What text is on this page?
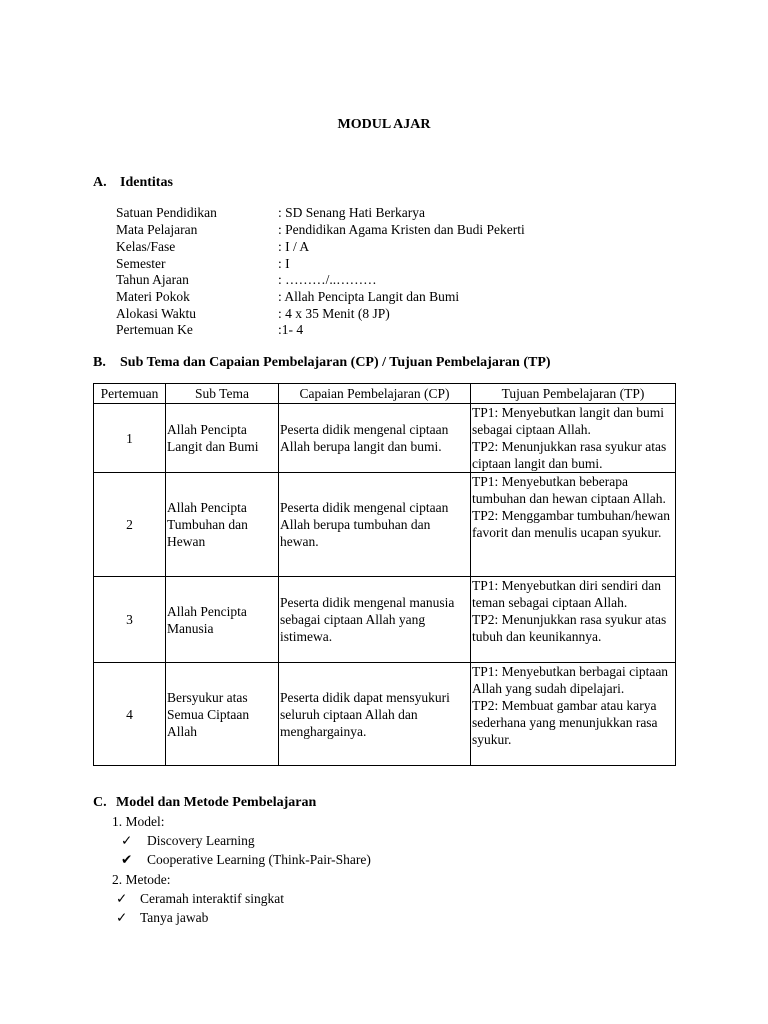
MODUL AJAR
A. Identitas
Satuan Pendidikan	: SD Senang Hati Berkarya
Mata Pelajaran	: Pendidikan Agama Kristen dan Budi Pekerti
Kelas/Fase	: I / A
Semester	: I
Tahun Ajaran	: ………/..………
Materi Pokok	: Allah Pencipta Langit dan Bumi
Alokasi Waktu	: 4 x 35 Menit (8 JP)
Pertemuan Ke	:1- 4
B. Sub Tema dan Capaian Pembelajaran (CP) / Tujuan Pembelajaran (TP)
Pertemuan	Sub Tema	Capaian Pembelajaran (CP)	Tujuan Pembelajaran (TP)
1	Allah Pencipta Langit dan Bumi	Peserta didik mengenal ciptaan Allah berupa langit dan bumi.	TP1: Menyebutkan langit dan bumi sebagai ciptaan Allah.
TP2: Menunjukkan rasa syukur atas ciptaan langit dan bumi.
2	Allah Pencipta Tumbuhan dan Hewan	Peserta didik mengenal ciptaan Allah berupa tumbuhan dan hewan.	TP1: Menyebutkan beberapa tumbuhan dan hewan ciptaan Allah.
TP2: Menggambar tumbuhan/hewan favorit dan menulis ucapan syukur.
3	Allah Pencipta Manusia	Peserta didik mengenal manusia sebagai ciptaan Allah yang istimewa.	TP1: Menyebutkan diri sendiri dan teman sebagai ciptaan Allah.
TP2: Menunjukkan rasa syukur atas tubuh dan keunikannya.
4	Bersyukur atas Semua Ciptaan Allah	Peserta didik dapat mensyukuri seluruh ciptaan Allah dan menghargainya.	TP1: Menyebutkan berbagai ciptaan Allah yang sudah dipelajari.
TP2: Membuat gambar atau karya sederhana yang menunjukkan rasa syukur.
C. Model dan Metode Pembelajaran
1. Model:
✓ Discovery Learning
✔ Cooperative Learning (Think-Pair-Share)
2. Metode:
✓ Ceramah interaktif singkat
✓ Tanya jawab
